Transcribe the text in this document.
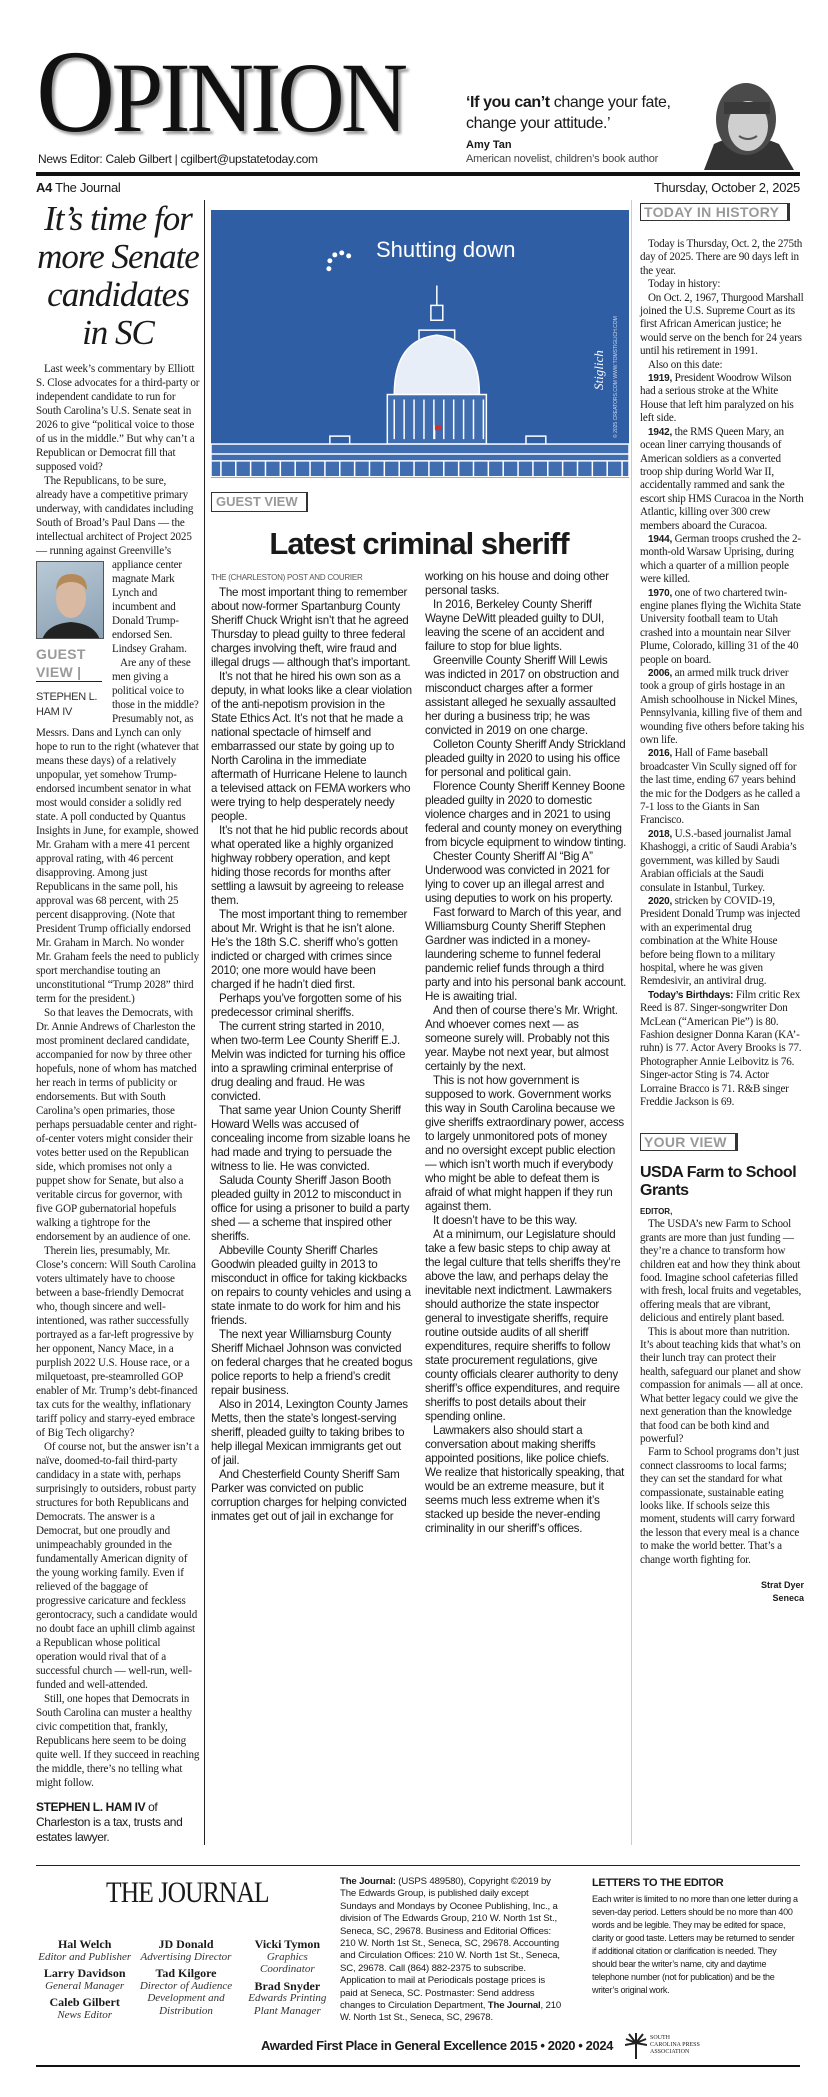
OPINION
News Editor: Caleb Gilbert | cgilbert@upstatetoday.com
‘If you can’t change your fate, change your attitude.’
Amy Tan
American novelist, children’s book author
A4 The Journal	Thursday, October 2, 2025
It’s time for more Senate candidates in SC

Last week’s commentary by Elliott S. Close advocates for a third-party or independent candidate to run for South Carolina’s U.S. Senate seat in 2026 to give “political voice to those of us in the middle.” But why can’t a Republican or Democrat fill that supposed void?

The Republicans, to be sure, already have a competitive primary underway, with candidates including South of Broad’s Paul Dans — the intellectual architect of Project 2025 — running against Greenville’s appliance center
GUEST
VIEW |
STEPHEN L. HAM IV
magnate Mark Lynch and incumbent and Donald Trump-endorsed Sen. Lindsey Graham.

Are any of these men giving a political voice to those in the middle? Presumably not, as Messrs. Dans and Lynch can only hope to run to the right (whatever that means these days) of a relatively unpopular, yet somehow Trump-endorsed incumbent senator in what most would consider a solidly red state. A poll conducted by Quantus Insights in June, for example, showed Mr. Graham with a mere 41 percent approval rating, with 46 percent disapproving. Among just Republicans in the same poll, his approval was 68 percent, with 25 percent disapproving. (Note that President Trump officially endorsed Mr. Graham in March. No wonder Mr. Graham feels the need to publicly sport merchandise touting an unconstitutional “Trump 2028” third term for the president.)

So that leaves the Democrats, with Dr. Annie Andrews of Charleston the most prominent declared candidate, accompanied for now by three other hopefuls, none of whom has matched her reach in terms of publicity or endorsements. But with South Carolina’s open primaries, those perhaps persuadable center and right-of-center voters might consider their votes better used on the Republican side, which promises not only a puppet show for Senate, but also a veritable circus for governor, with five GOP gubernatorial hopefuls walking a tightrope for the endorsement by an audience of one.

Therein lies, presumably, Mr. Close’s concern: Will South Carolina voters ultimately have to choose between a base-friendly Democrat who, though sincere and well-intentioned, was rather successfully portrayed as a far-left progressive by her opponent, Nancy Mace, in a purplish 2022 U.S. House race, or a milquetoast, pre-steamrolled GOP enabler of Mr. Trump’s debt-financed tax cuts for the wealthy, inflationary tariff policy and starry-eyed embrace of Big Tech oligarchy?

Of course not, but the answer isn’t a naïve, doomed-to-fail third-party candidacy in a state with, perhaps surprisingly to outsiders, robust party structures for both Republicans and Democrats. The answer is a Democrat, but one proudly and unimpeachably grounded in the fundamentally American dignity of the young working family. Even if relieved of the baggage of progressive caricature and feckless gerontocracy, such a candidate would no doubt face an uphill climb against a Republican whose political operation would rival that of a successful church — well-run, well-funded and well-attended.

Still, one hopes that Democrats in South Carolina can muster a healthy civic competition that, frankly, Republicans here seem to be doing quite well. If they succeed in reaching the middle, there’s no telling what might follow.

STEPHEN L. HAM IV of Charleston is a tax, trusts and estates lawyer.

Shutting down
Stiglich © 2025 CREATORS.COM WWW.TOMSTIGLICH.COM
GUEST VIEW
Latest criminal sheriff

THE (CHARLESTON) POST AND COURIER

The most important thing to remember about now-former Spartanburg County Sheriff Chuck Wright isn’t that he agreed Thursday to plead guilty to three federal charges involving theft, wire fraud and illegal drugs — although that’s important.

It’s not that he hired his own son as a deputy, in what looks like a clear violation of the anti-nepotism provision in the State Ethics Act. It’s not that he made a national spectacle of himself and embarrassed our state by going up to North Carolina in the immediate aftermath of Hurricane Helene to launch a televised attack on FEMA workers who were trying to help desperately needy people.

It’s not that he hid public records about what operated like a highly organized highway robbery operation, and kept hiding those records for months after settling a lawsuit by agreeing to release them.

The most important thing to remember about Mr. Wright is that he isn’t alone. He’s the 18th S.C. sheriff who’s gotten indicted or charged with crimes since 2010; one more would have been charged if he hadn’t died first.

Perhaps you’ve forgotten some of his predecessor criminal sheriffs.

The current string started in 2010, when two-term Lee County Sheriff E.J. Melvin was indicted for turning his office into a sprawling criminal enterprise of drug dealing and fraud. He was convicted.

That same year Union County Sheriff Howard Wells was accused of concealing income from sizable loans he had made and trying to persuade the witness to lie. He was convicted.

Saluda County Sheriff Jason Booth pleaded guilty in 2012 to misconduct in office for using a prisoner to build a party shed — a scheme that inspired other sheriffs.

Abbeville County Sheriff Charles Goodwin pleaded guilty in 2013 to misconduct in office for taking kickbacks on repairs to county vehicles and using a state inmate to do work for him and his friends.

The next year Williamsburg County Sheriff Michael Johnson was convicted on federal charges that he created bogus police reports to help a friend’s credit repair business.

Also in 2014, Lexington County James Metts, then the state’s longest-serving sheriff, pleaded guilty to taking bribes to help illegal Mexican immigrants get out of jail.

And Chesterfield County Sheriff Sam Parker was convicted on public corruption charges for helping convicted inmates get out of jail in exchange for working on his house and doing other personal tasks.

In 2016, Berkeley County Sheriff Wayne DeWitt pleaded guilty to DUI, leaving the scene of an accident and failure to stop for blue lights.

Greenville County Sheriff Will Lewis was indicted in 2017 on obstruction and misconduct charges after a former assistant alleged he sexually assaulted her during a business trip; he was convicted in 2019 on one charge.

Colleton County Sheriff Andy Strickland pleaded guilty in 2020 to using his office for personal and political gain.

Florence County Sheriff Kenney Boone pleaded guilty in 2020 to domestic violence charges and in 2021 to using federal and county money on everything from bicycle equipment to window tinting.

Chester County Sheriff Al “Big A” Underwood was convicted in 2021 for lying to cover up an illegal arrest and using deputies to work on his property.

Fast forward to March of this year, and Williamsburg County Sheriff Stephen Gardner was indicted in a money-laundering scheme to funnel federal pandemic relief funds through a third party and into his personal bank account. He is awaiting trial.

And then of course there’s Mr. Wright. And whoever comes next — as someone surely will. Probably not this year. Maybe not next year, but almost certainly by the next.

This is not how government is supposed to work. Government works this way in South Carolina because we give sheriffs extraordinary power, access to largely unmonitored pots of money and no oversight except public election — which isn’t worth much if everybody who might be able to defeat them is afraid of what might happen if they run against them.

It doesn’t have to be this way.

At a minimum, our Legislature should take a few basic steps to chip away at the legal culture that tells sheriffs they’re above the law, and perhaps delay the inevitable next indictment. Lawmakers should authorize the state inspector general to investigate sheriffs, require routine outside audits of all sheriff expenditures, require sheriffs to follow state procurement regulations, give county officials clearer authority to deny sheriff’s office expenditures, and require sheriffs to post details about their spending online.

Lawmakers also should start a conversation about making sheriffs appointed positions, like police chiefs. We realize that historically speaking, that would be an extreme measure, but it seems much less extreme when it’s stacked up beside the never-ending criminality in our sheriff’s offices.

TODAY IN HISTORY

Today is Thursday, Oct. 2, the 275th day of 2025. There are 90 days left in the year.

Today in history:

On Oct. 2, 1967, Thurgood Marshall joined the U.S. Supreme Court as its first African American justice; he would serve on the bench for 24 years until his retirement in 1991.

Also on this date:

1919, President Woodrow Wilson had a serious stroke at the White House that left him paralyzed on his left side.

1942, the RMS Queen Mary, an ocean liner carrying thousands of American soldiers as a converted troop ship during World War II, accidentally rammed and sank the escort ship HMS Curacoa in the North Atlantic, killing over 300 crew members aboard the Curacoa.

1944, German troops crushed the 2-month-old Warsaw Uprising, during which a quarter of a million people were killed.

1970, one of two chartered twin-engine planes flying the Wichita State University football team to Utah crashed into a mountain near Silver Plume, Colorado, killing 31 of the 40 people on board.

2006, an armed milk truck driver took a group of girls hostage in an Amish schoolhouse in Nickel Mines, Pennsylvania, killing five of them and wounding five others before taking his own life.

2016, Hall of Fame baseball broadcaster Vin Scully signed off for the last time, ending 67 years behind the mic for the Dodgers as he called a 7-1 loss to the Giants in San Francisco.

2018, U.S.-based journalist Jamal Khashoggi, a critic of Saudi Arabia’s government, was killed by Saudi Arabian officials at the Saudi consulate in Istanbul, Turkey.

2020, stricken by COVID-19, President Donald Trump was injected with an experimental drug combination at the White House before being flown to a military hospital, where he was given Remdesivir, an antiviral drug.

Today’s Birthdays: Film critic Rex Reed is 87. Singer-songwriter Don McLean (“American Pie”) is 80. Fashion designer Donna Karan (KA’-ruhn) is 77. Actor Avery Brooks is 77. Photographer Annie Leibovitz is 76. Singer-actor Sting is 74. Actor Lorraine Bracco is 71. R&B singer Freddie Jackson is 69.

YOUR VIEW
USDA Farm to School Grants
EDITOR,

The USDA’s new Farm to School grants are more than just funding — they’re a chance to transform how children eat and how they think about food. Imagine school cafeterias filled with fresh, local fruits and vegetables, offering meals that are vibrant, delicious and entirely plant based.

This is about more than nutrition. It’s about teaching kids that what’s on their lunch tray can protect their health, safeguard our planet and show compassion for animals — all at once. What better legacy could we give the next generation than the knowledge that food can be both kind and powerful?

Farm to School programs don’t just connect classrooms to local farms; they can set the standard for what compassionate, sustainable eating looks like. If schools seize this moment, students will carry forward the lesson that every meal is a chance to make the world better. That’s a change worth fighting for.

Strat Dyer
Seneca
THE JOURNAL
Hal Welch
Editor and Publisher
Larry Davidson
General Manager
Caleb Gilbert
News Editor
JD Donald
Advertising Director
Tad Kilgore
Director of Audience Development and Distribution
Vicki Tymon
Graphics Coordinator
Brad Snyder
Edwards Printing Plant Manager
The Journal: (USPS 489580), Copyright ©2019 by The Edwards Group, is published daily except Sundays and Mondays by Oconee Publishing, Inc., a division of The Edwards Group, 210 W. North 1st St., Seneca, SC, 29678. Business and Editorial Offices: 210 W. North 1st St., Seneca, SC, 29678. Accounting and Circulation Offices: 210 W. North 1st St., Seneca, SC, 29678. Call (864) 882-2375 to subscribe. Application to mail at Periodicals postage prices is paid at Seneca, SC. Postmaster: Send address changes to Circulation Department, The Journal, 210 W. North 1st St., Seneca, SC, 29678.
LETTERS TO THE EDITOR
Each writer is limited to no more than one letter during a seven-day period. Letters should be no more than 400 words and be legible. They may be edited for space, clarity or good taste. Letters may be returned to sender if additional citation or clarification is needed. They should bear the writer’s name, city and daytime telephone number (not for publication) and be the writer’s original work.
Awarded First Place in General Excellence 2015 • 2020 • 2024	SOUTH CAROLINA PRESS ASSOCIATION
